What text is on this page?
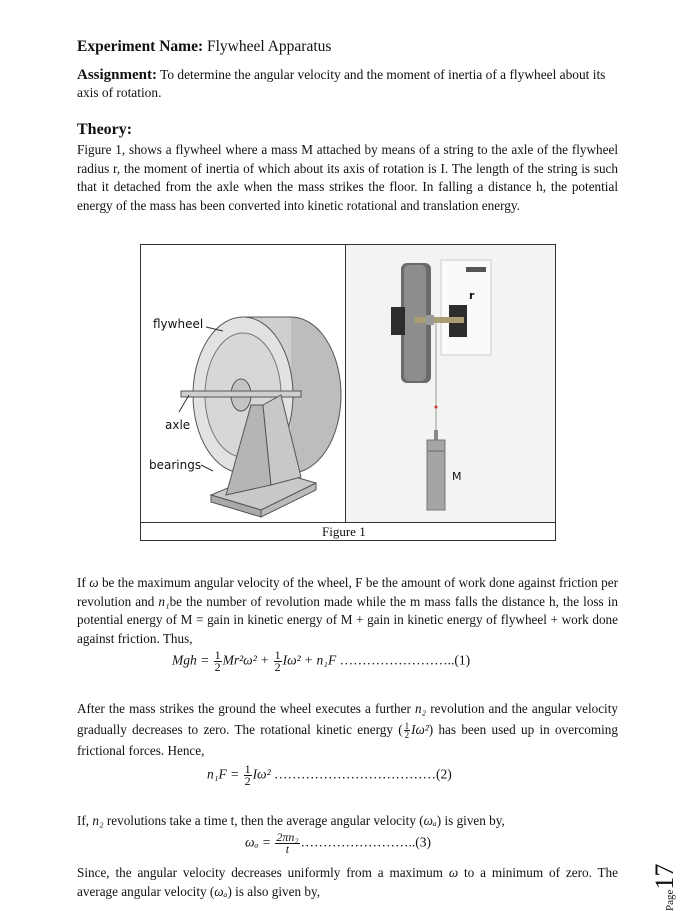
Experiment Name: Flywheel Apparatus
Assignment: To determine the angular velocity and the moment of inertia of a flywheel about its axis of rotation.
Theory:
Figure 1, shows a flywheel where a mass M attached by means of a string to the axle of the flywheel radius r, the moment of inertia of which about its axis of rotation is I. The length of the string is such that it detached from the axle when the mass strikes the floor. In falling a distance h, the potential energy of the mass has been converted into kinetic rotational and translation energy.
If ω be the maximum angular velocity of the wheel, F be the amount of work done against friction per revolution and n₁be the number of revolution made while the m mass falls the distance h, the loss in potential energy of M = gain in kinetic energy of M + gain in kinetic energy of flywheel + work done against friction. Thus,
After the mass strikes the ground the wheel executes a further n₂ revolution and the angular velocity gradually decreases to zero. The rotational kinetic energy ( $\frac{1}{2} I\omega^2$) has been used up in overcoming frictional forces. Hence,
If, n₂ revolutions take a time t, then the average angular velocity (ωₐ) is given by,
Since, the angular velocity decreases uniformly from a maximum ω to a minimum of zero. The average angular velocity (ωₐ) is also given by,
Mgh = $\frac{1}{2} Mr^2\omega^2 + \frac{1}{2} I\omega^2 + n_1F$ ……………………..(1)
$n_1F = \frac{1}{2} I\omega^2$ ………………………………(2)
$\omega_a = \frac{\text{2πn₂}}{t}$ ……………………..(3)
flywheel
axle
bearings
r
M
Figure 1
Page17
